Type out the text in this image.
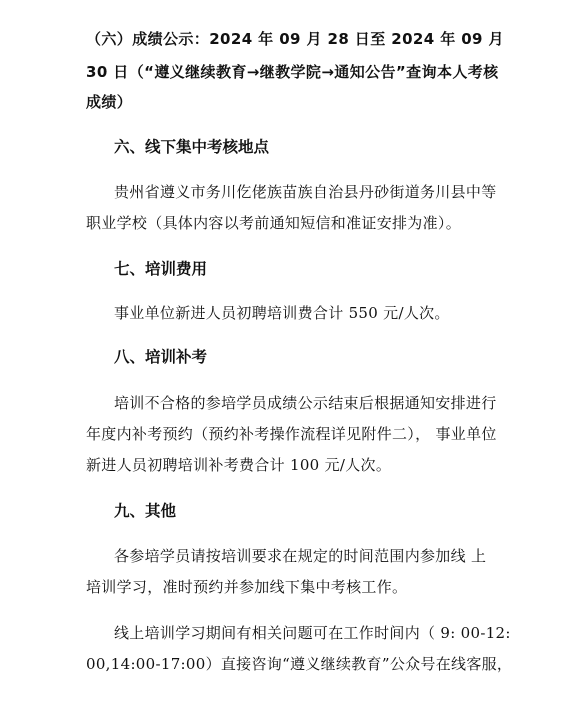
（六）成绩公示：2024 年 09 月 28 日至 2024 年 09 月
30 日（“遵义继续教育→继教学院→通知公告”查询本人考核
成绩）
六、线下集中考核地点
贵州省遵义市务川仡佬族苗族自治县丹砂街道务川县中等
职业学校（具体内容以考前通知短信和准证安排为准）。
七、培训费用
事业单位新进人员初聘培训费合计 550 元/人次。
八、培训补考
培训不合格的参培学员成绩公示结束后根据通知安排进行
年度内补考预约（预约补考操作流程详见附件二）， 事业单位
新进人员初聘培训补考费合计 100 元/人次。
九、其他
各参培学员请按培训要求在规定的时间范围内参加线 上
培训学习，准时预约并参加线下集中考核工作。
线上培训学习期间有相关问题可在工作时间内（ 9: 00-12:
00,14:00-17:00）直接咨询“遵义继续教育”公众号在线客服，
